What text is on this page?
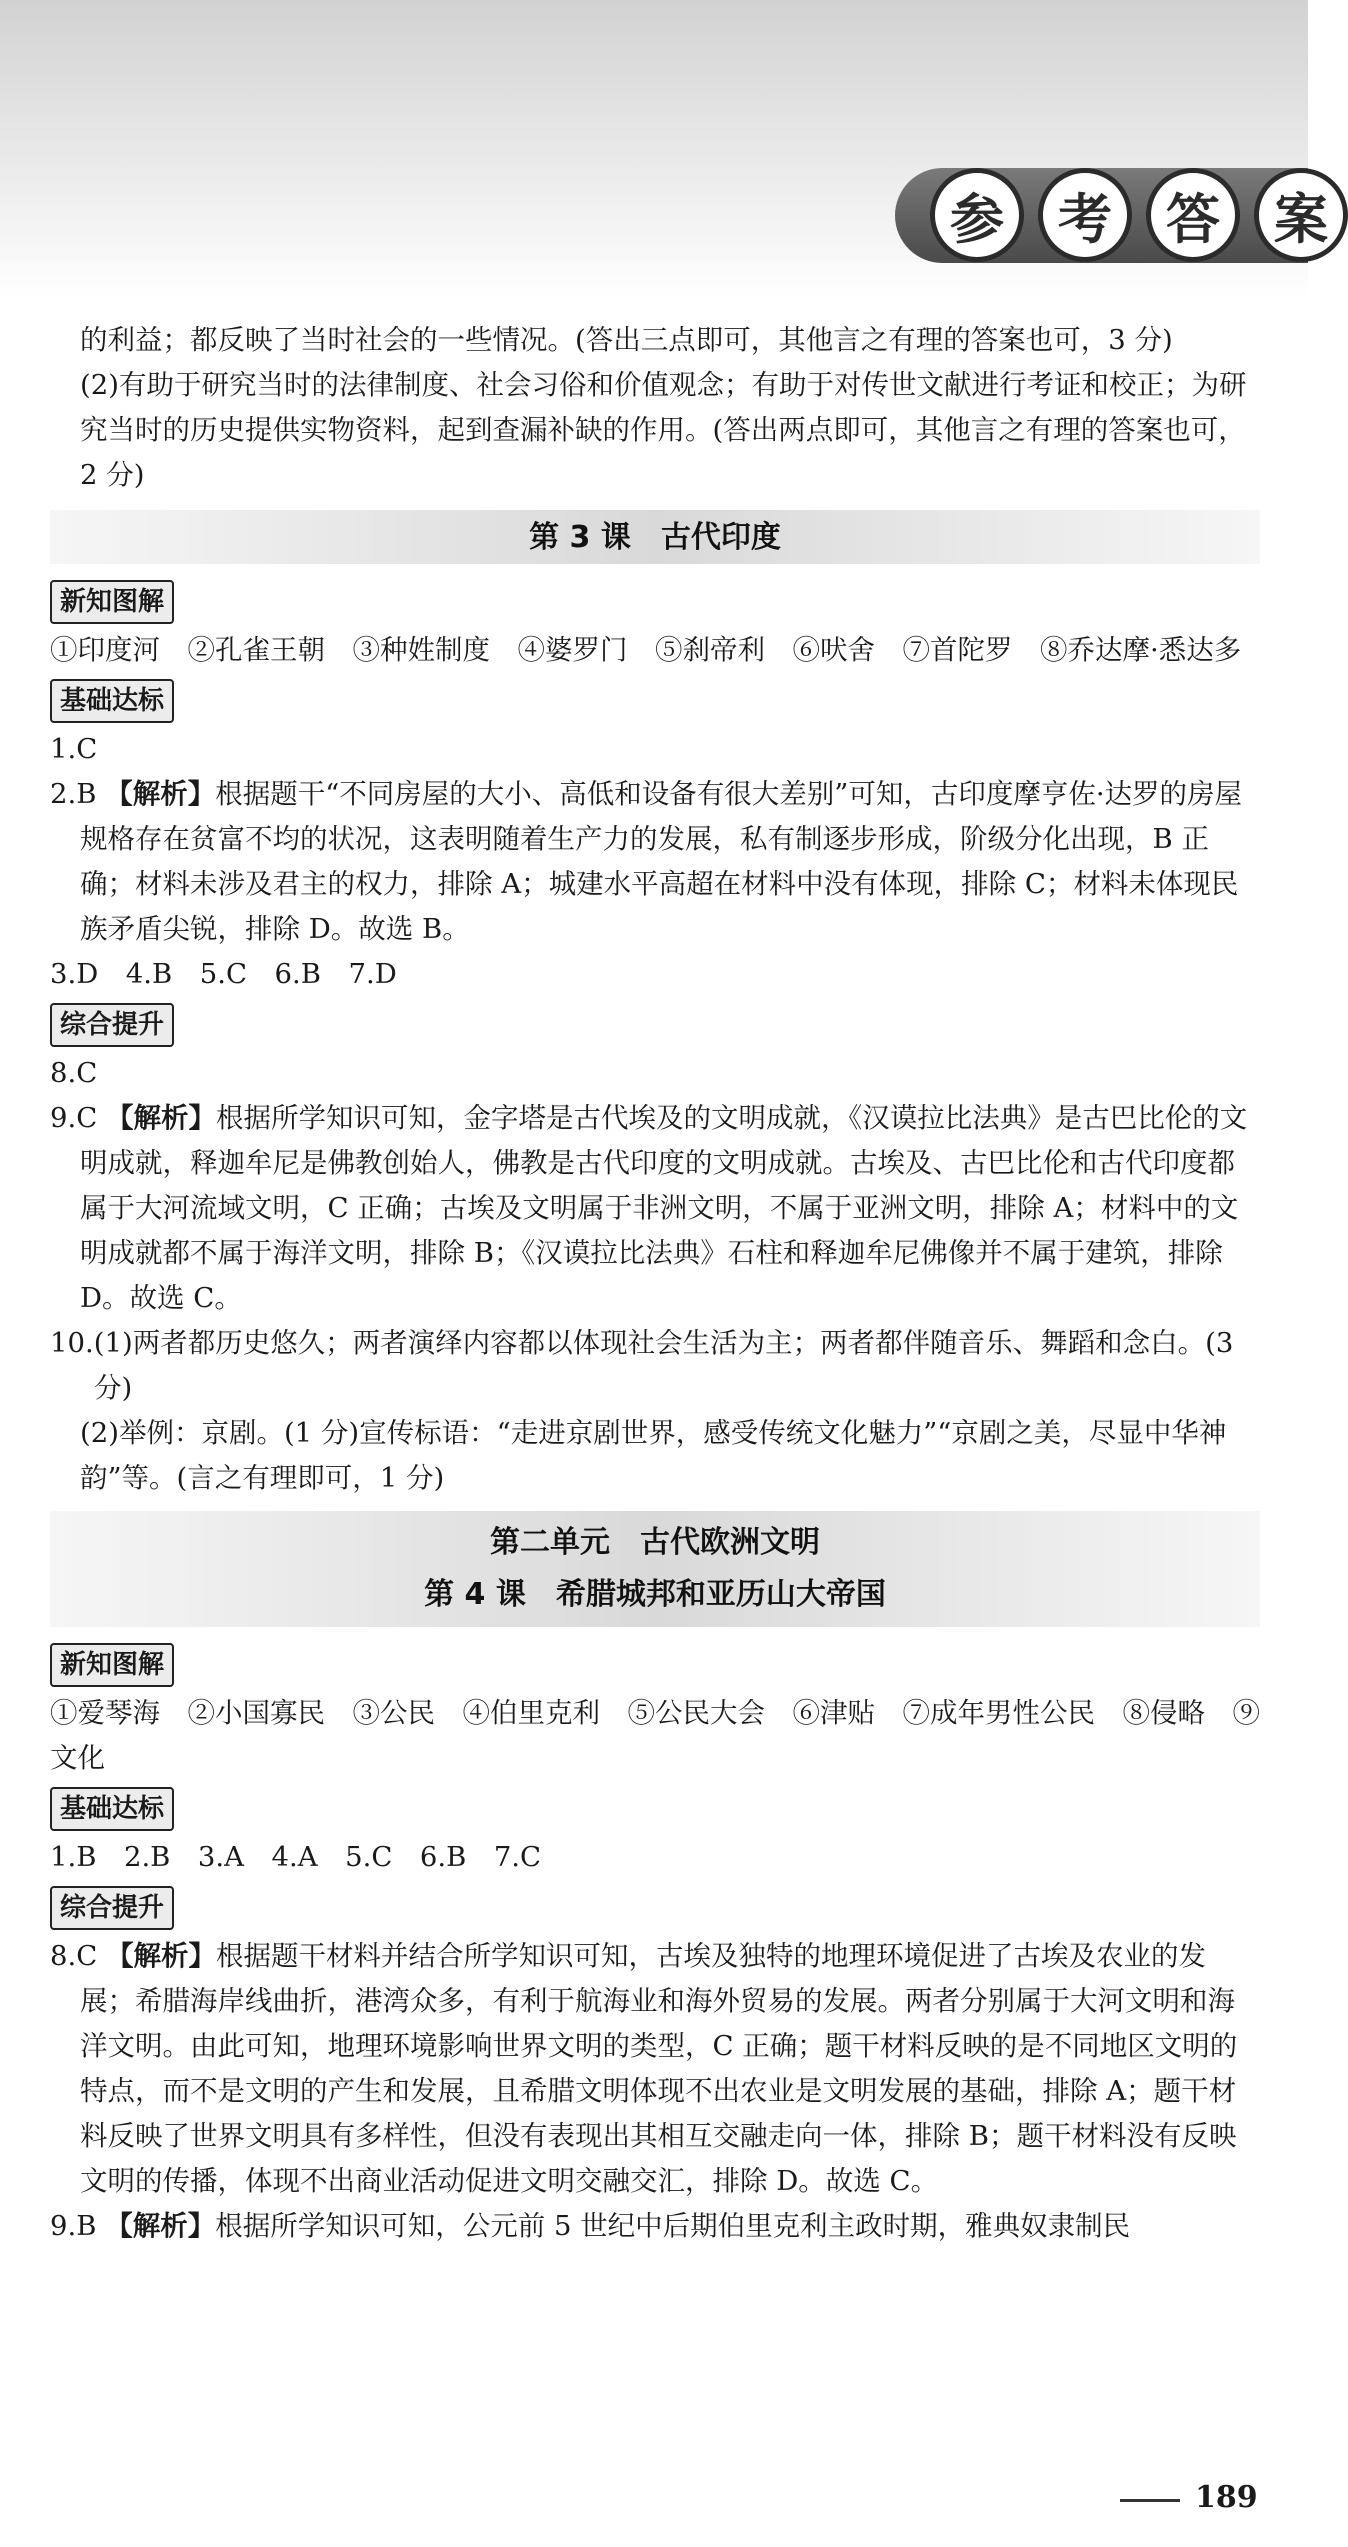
参	考	答	案

的利益；都反映了当时社会的一些情况。(答出三点即可，其他言之有理的答案也可，3 分)

(2)有助于研究当时的法律制度、社会习俗和价值观念；有助于对传世文献进行考证和校正；为研究当时的历史提供实物资料，起到查漏补缺的作用。(答出两点即可，其他言之有理的答案也可，2 分)

第 3 课　古代印度
新知图解

①印度河　②孔雀王朝　③种姓制度　④婆罗门　⑤刹帝利　⑥吠舍　⑦首陀罗　⑧乔达摩·悉达多

基础达标

1.C

2.B 【解析】根据题干“不同房屋的大小、高低和设备有很大差别”可知，古印度摩亨佐·达罗的房屋规格存在贫富不均的状况，这表明随着生产力的发展，私有制逐步形成，阶级分化出现，B 正确；材料未涉及君主的权力，排除 A；城建水平高超在材料中没有体现，排除 C；材料未体现民族矛盾尖锐，排除 D。故选 B。

3.D　4.B　5.C　6.B　7.D

综合提升

8.C

9.C 【解析】根据所学知识可知，金字塔是古代埃及的文明成就，《汉谟拉比法典》是古巴比伦的文明成就，释迦牟尼是佛教创始人，佛教是古代印度的文明成就。古埃及、古巴比伦和古代印度都属于大河流域文明，C 正确；古埃及文明属于非洲文明，不属于亚洲文明，排除 A；材料中的文明成就都不属于海洋文明，排除 B；《汉谟拉比法典》石柱和释迦牟尼佛像并不属于建筑，排除 D。故选 C。

10.(1)两者都历史悠久；两者演绎内容都以体现社会生活为主；两者都伴随音乐、舞蹈和念白。(3 分)

(2)举例：京剧。(1 分)宣传标语：“走进京剧世界，感受传统文化魅力”“京剧之美，尽显中华神韵”等。(言之有理即可，1 分)

第二单元　古代欧洲文明
第 4 课　希腊城邦和亚历山大帝国
新知图解

①爱琴海　②小国寡民　③公民　④伯里克利　⑤公民大会　⑥津贴　⑦成年男性公民　⑧侵略　⑨文化

基础达标

1.B　2.B　3.A　4.A　5.C　6.B　7.C

综合提升

8.C 【解析】根据题干材料并结合所学知识可知，古埃及独特的地理环境促进了古埃及农业的发展；希腊海岸线曲折，港湾众多，有利于航海业和海外贸易的发展。两者分别属于大河文明和海洋文明。由此可知，地理环境影响世界文明的类型，C 正确；题干材料反映的是不同地区文明的特点，而不是文明的产生和发展，且希腊文明体现不出农业是文明发展的基础，排除 A；题干材料反映了世界文明具有多样性，但没有表现出其相互交融走向一体，排除 B；题干材料没有反映文明的传播，体现不出商业活动促进文明交融交汇，排除 D。故选 C。

9.B 【解析】根据所学知识可知，公元前 5 世纪中后期伯里克利主政时期，雅典奴隶制民

189
